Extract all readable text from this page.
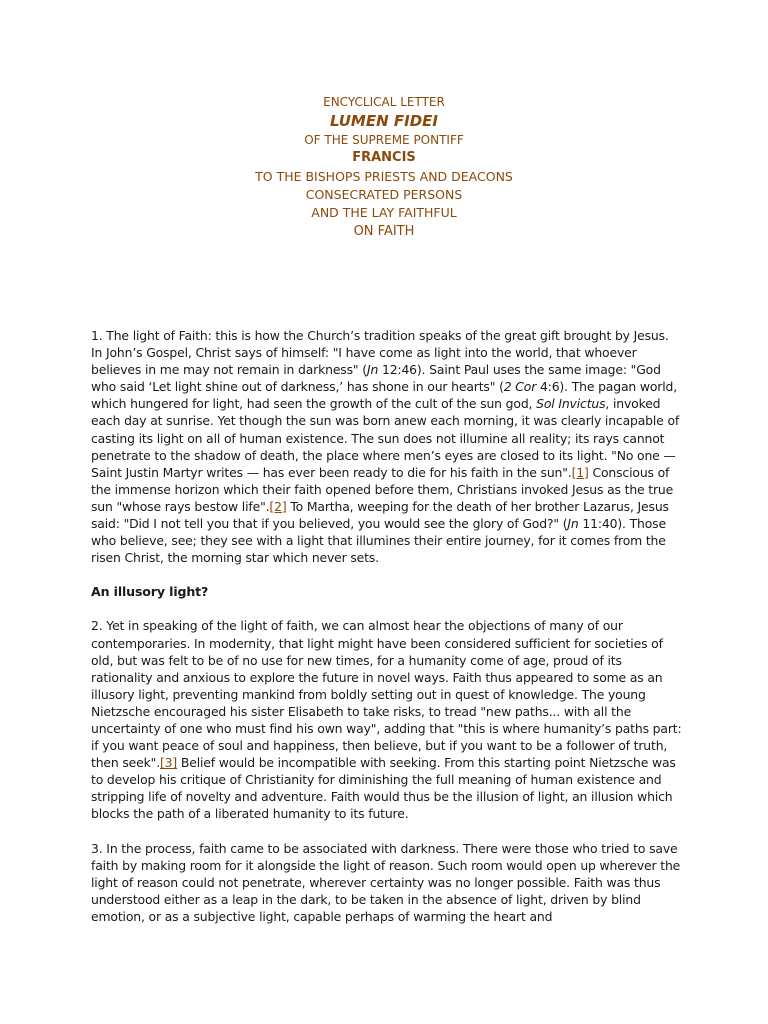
ENCYCLICAL LETTER
LUMEN FIDEI
OF THE SUPREME PONTIFF
FRANCIS
TO THE BISHOPS PRIESTS AND DEACONS
CONSECRATED PERSONS
AND THE LAY FAITHFUL
ON FAITH

1. The light of Faith: this is how the Church’s tradition speaks of the great gift brought by Jesus. In John’s Gospel, Christ says of himself: "I have come as light into the world, that whoever believes in me may not remain in darkness" (Jn 12:46). Saint Paul uses the same image: "God who said ‘Let light shine out of darkness,’ has shone in our hearts" (2 Cor 4:6). The pagan world, which hungered for light, had seen the growth of the cult of the sun god, Sol Invictus, invoked each day at sunrise. Yet though the sun was born anew each morning, it was clearly incapable of casting its light on all of human existence. The sun does not illumine all reality; its rays cannot penetrate to the shadow of death, the place where men’s eyes are closed to its light. "No one — Saint Justin Martyr writes — has ever been ready to die for his faith in the sun".[1] Conscious of the immense horizon which their faith opened before them, Christians invoked Jesus as the true sun "whose rays bestow life".[2] To Martha, weeping for the death of her brother Lazarus, Jesus said: "Did I not tell you that if you believed, you would see the glory of God?" (Jn 11:40). Those who believe, see; they see with a light that illumines their entire journey, for it comes from the risen Christ, the morning star which never sets.

An illusory light?

2. Yet in speaking of the light of faith, we can almost hear the objections of many of our contemporaries. In modernity, that light might have been considered sufficient for societies of old, but was felt to be of no use for new times, for a humanity come of age, proud of its rationality and anxious to explore the future in novel ways. Faith thus appeared to some as an illusory light, preventing mankind from boldly setting out in quest of knowledge. The young Nietzsche encouraged his sister Elisabeth to take risks, to tread "new paths... with all the uncertainty of one who must find his own way", adding that "this is where humanity’s paths part: if you want peace of soul and happiness, then believe, but if you want to be a follower of truth, then seek".[3] Belief would be incompatible with seeking. From this starting point Nietzsche was to develop his critique of Christianity for diminishing the full meaning of human existence and stripping life of novelty and adventure. Faith would thus be the illusion of light, an illusion which blocks the path of a liberated humanity to its future.

3. In the process, faith came to be associated with darkness. There were those who tried to save faith by making room for it alongside the light of reason. Such room would open up wherever the light of reason could not penetrate, wherever certainty was no longer possible. Faith was thus understood either as a leap in the dark, to be taken in the absence of light, driven by blind emotion, or as a subjective light, capable perhaps of warming the heart and
